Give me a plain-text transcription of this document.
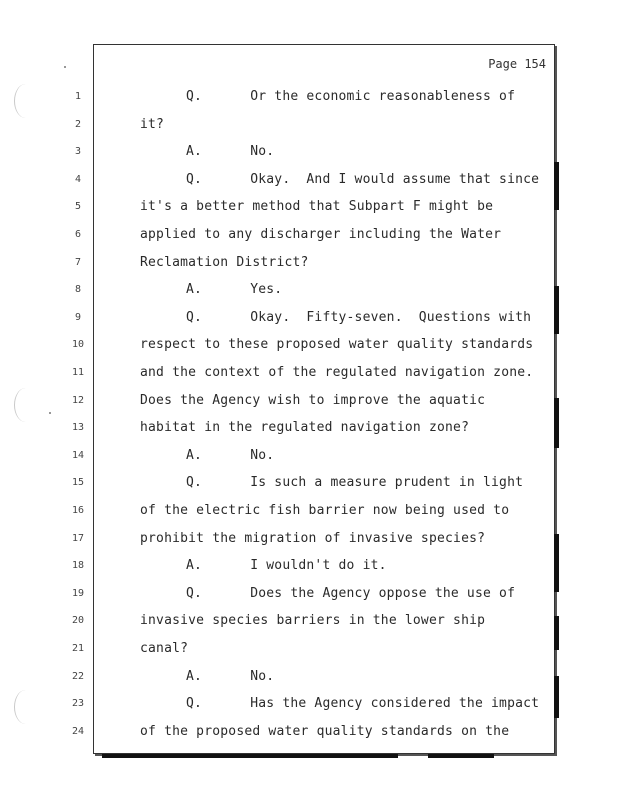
Page 154
1	Q.      Or the economic reasonableness of
2	it?
3	A.      No.
4	Q.      Okay.  And I would assume that since
5	it's a better method that Subpart F might be
6	applied to any discharger including the Water
7	Reclamation District?
8	A.      Yes.
9	Q.      Okay.  Fifty-seven.  Questions with
10	respect to these proposed water quality standards
11	and the context of the regulated navigation zone.
12	Does the Agency wish to improve the aquatic
13	habitat in the regulated navigation zone?
14	A.      No.
15	Q.      Is such a measure prudent in light
16	of the electric fish barrier now being used to
17	prohibit the migration of invasive species?
18	A.      I wouldn't do it.
19	Q.      Does the Agency oppose the use of
20	invasive species barriers in the lower ship
21	canal?
22	A.      No.
23	Q.      Has the Agency considered the impact
24	of the proposed water quality standards on the
